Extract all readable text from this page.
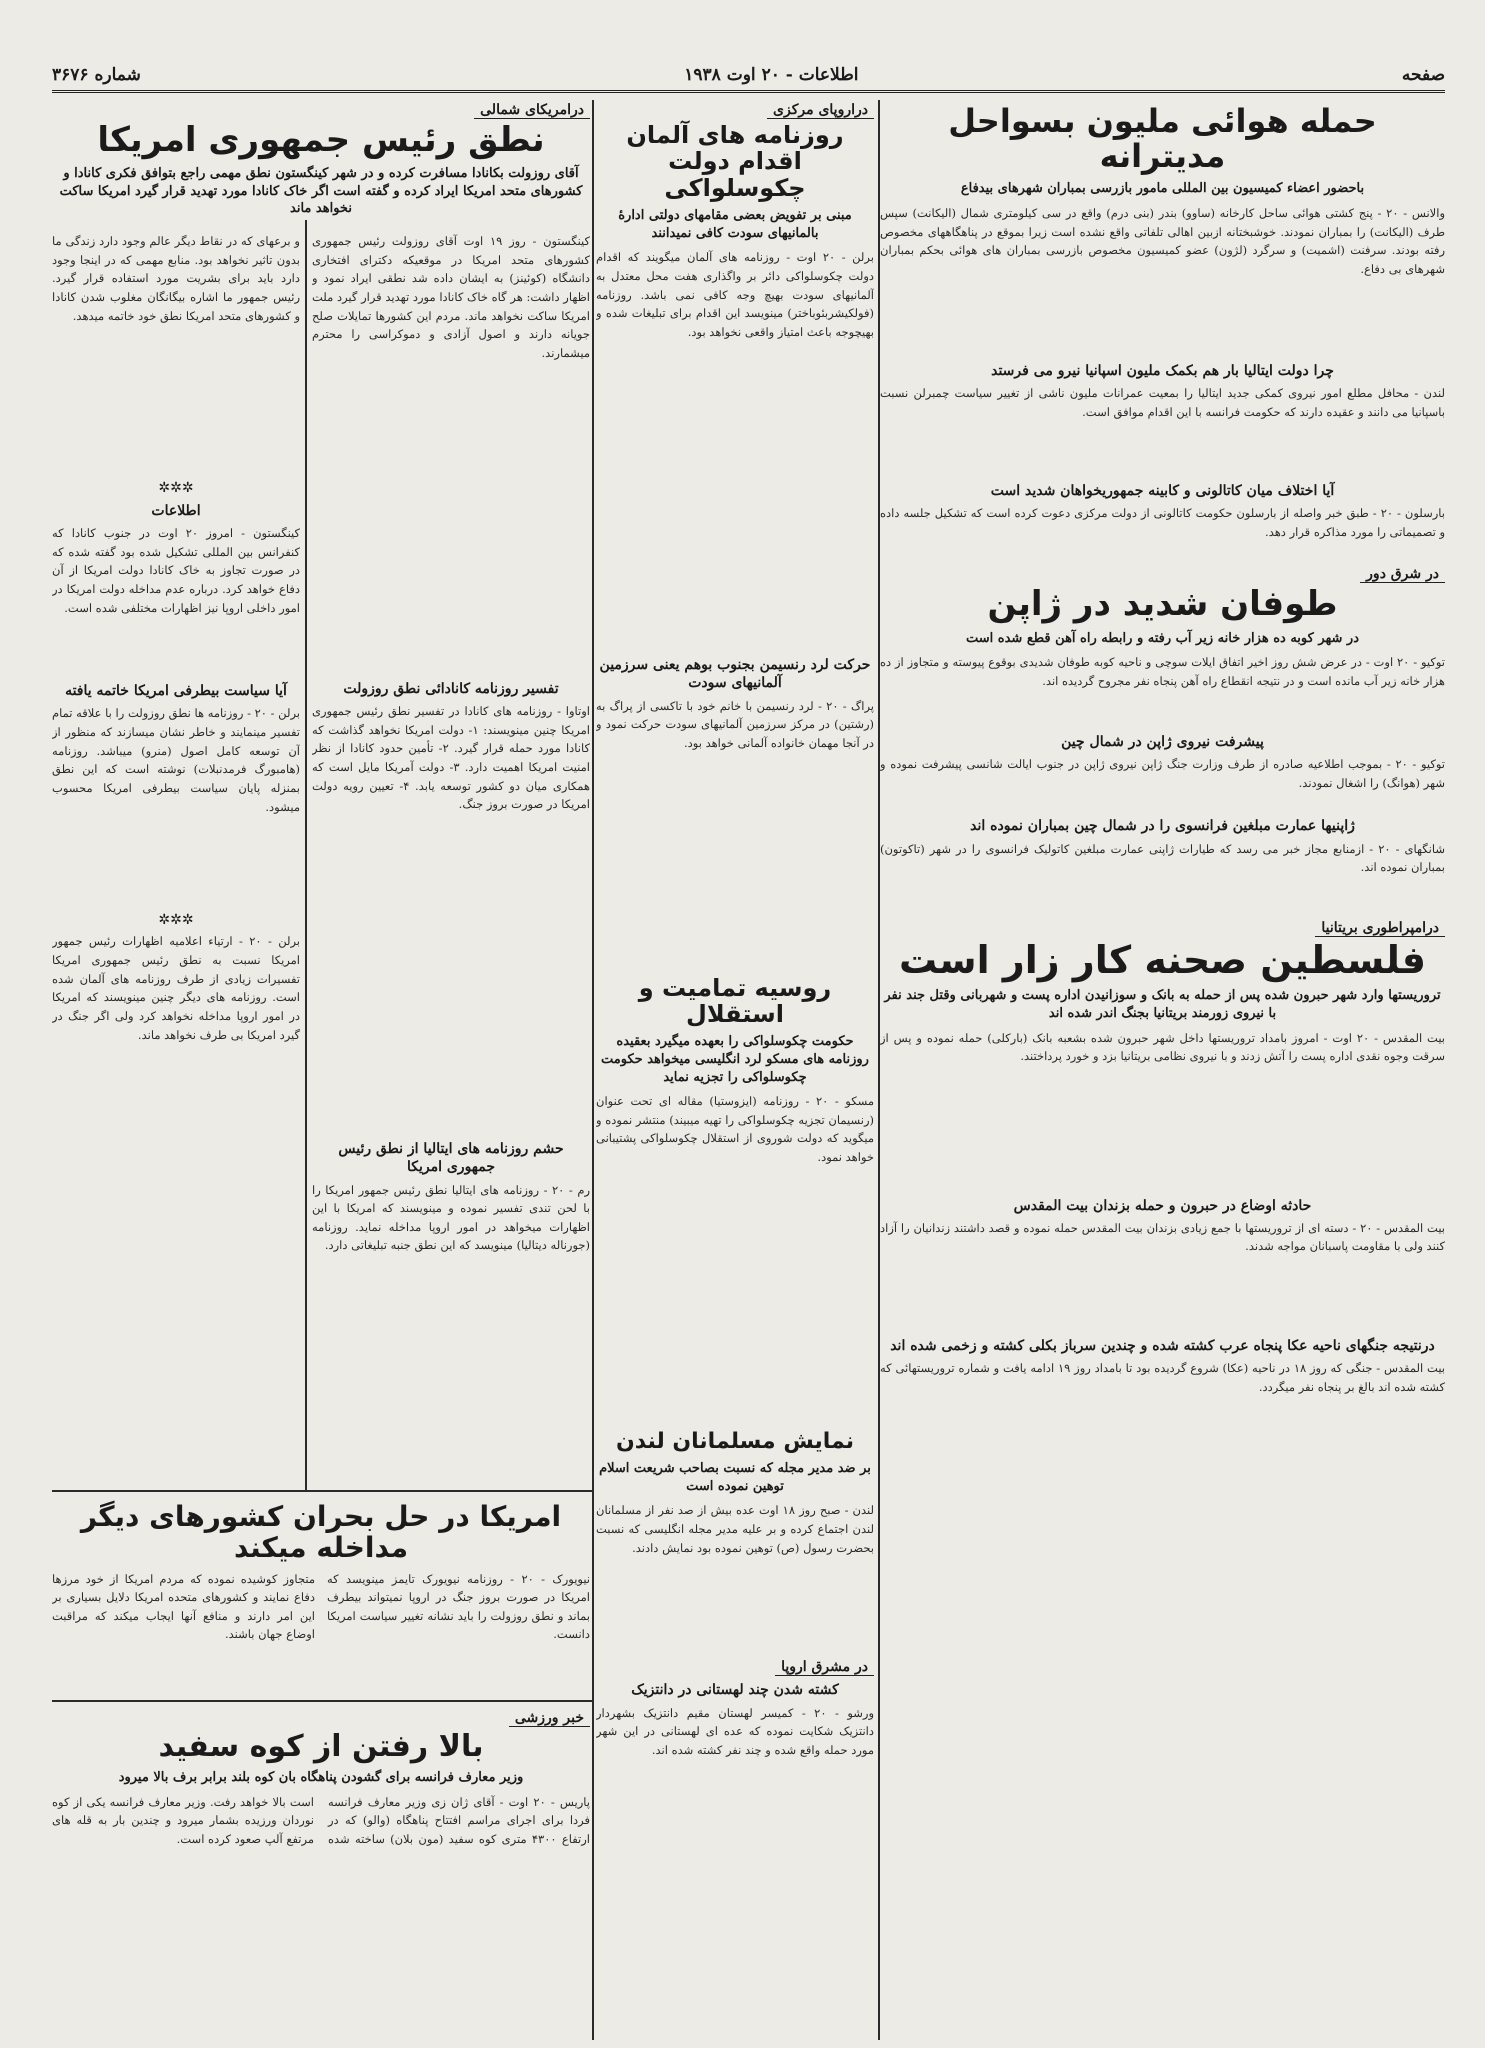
صفحه
اطلاعات - ۲۰ اوت ۱۹۳۸
شماره ۳۶۷۶
حمله هوائی ملیون بسواحل مدیترانه
باحضور اعضاء کمیسیون بین المللی مامور بازرسی بمباران شهرهای بیدفاع

والانس - ۲۰ - پنج کشتی هوائی ساحل کارخانه (ساوو) بندر (بنی درم) واقع در سی کیلومتری شمال (الیکانت) سپس طرف (الیکانت) را بمباران نمودند. خوشبختانه ازبین اهالی تلفاتی واقع نشده است زیرا بموقع در پناهگاههای مخصوص رفته بودند. سرفنت (اشمیت) و سرگرد (لژون) عضو کمیسیون مخصوص بازرسی بمباران های هوائی بحکم بمباران شهرهای بی دفاع.

چرا دولت ایتالیا بار هم بکمک ملیون اسپانیا نیرو می فرستد

لندن - محافل مطلع امور نیروی کمکی جدید ایتالیا را بمعیت عمرانات ملیون ناشی از تغییر سیاست چمبرلن نسبت باسپانیا می دانند و عقیده دارند که حکومت فرانسه با این اقدام موافق است.

آیا اختلاف میان کاتالونی و کابینه جمهوریخواهان شدید است

بارسلون - ۲۰ - طبق خبر واصله از بارسلون حکومت کاتالونی از دولت مرکزی دعوت کرده است که تشکیل جلسه داده و تصمیماتی را مورد مذاکره قرار دهد.

در شرق دور
طوفان شدید در ژاپن
در شهر کوبه ده هزار خانه زیر آب رفته و رابطه راه آهن قطع شده است

توکیو - ۲۰ اوت - در عرض شش روز اخیر اتفاق ایلات سوچی و ناحیه کوبه طوفان شدیدی بوقوع پیوسته و متجاوز از ده هزار خانه زیر آب مانده است و در نتیجه انقطاع راه آهن پنجاه نفر مجروح گردیده اند.

پیشرفت نیروی ژاپن در شمال چین

توکیو - ۲۰ - بموجب اطلاعیه صادره از طرف وزارت جنگ ژاپن نیروی ژاپن در جنوب ایالت شانسی پیشرفت نموده و شهر (هوانگ) را اشغال نمودند.

ژاپنیها عمارت مبلغین فرانسوی را در شمال چین بمباران نموده اند

شانگهای - ۲۰ - ازمنابع مجاز خبر می رسد که طیارات ژاپنی عمارت مبلغین کاتولیک فرانسوی را در شهر (تاکوتون) بمباران نموده اند.

درامپراطوری بریتانیا
فلسطین صحنه کار زار است
تروریستها وارد شهر حبرون شده پس از حمله به بانک و سوزانیدن اداره پست و شهربانی وقتل جند نفر با نیروی زورمند بریتانیا بجنگ اندر شده اند

بیت المقدس - ۲۰ اوت - امروز بامداد تروریستها داخل شهر حبرون شده بشعبه بانک (بارکلی) حمله نموده و پس از سرقت وجوه نقدی اداره پست را آتش زدند و با نیروی نظامی بریتانیا بزد و خورد پرداختند.

حادثه اوضاع در حبرون و حمله بزندان بیت المقدس

بیت المقدس - ۲۰ - دسته ای از تروریستها با جمع زیادی بزندان بیت المقدس حمله نموده و قصد داشتند زندانیان را آزاد کنند ولی با مقاومت پاسبانان مواجه شدند.

درنتیجه جنگهای ناحیه عکا پنجاه عرب کشته شده و چندین سرباز بکلی کشته و زخمی شده اند

بیت المقدس - جنگی که روز ۱۸ در ناحیه (عکا) شروع گردیده بود تا بامداد روز ۱۹ ادامه یافت و شماره تروریستهائی که کشته شده اند بالغ بر پنجاه نفر میگردد.

دراروپای مرکزی
روزنامه های آلمان اقدام دولت چکوسلواکی
مبنی بر تفویض بعضی مقامهای دولتی ادارهٔ بالمانیهای سودت کافی نمیدانند

برلن - ۲۰ اوت - روزنامه های آلمان میگویند که اقدام دولت چکوسلواکی دائر بر واگذاری هفت محل معتدل به آلمانیهای سودت بهیچ وجه کافی نمی باشد. روزنامه (فولکیشربئوباختر) مینویسد این اقدام برای تبلیغات شده و بهیچوجه باعث امتیاز واقعی نخواهد بود.

حرکت لرد رنسیمن بجنوب بوهم یعنی سرزمین آلمانیهای سودت

پراگ - ۲۰ - لرد رنسیمن با خانم خود با تاکسی از پراگ به (رشتین) در مرکز سرزمین آلمانیهای سودت حرکت نمود و در آنجا مهمان خانواده آلمانی خواهد بود.

روسیه تمامیت و استقلال
حکومت چکوسلواکی را بعهده میگیرد بعقیده روزنامه های مسکو لرد انگلیسی میخواهد حکومت چکوسلواکی را تجزیه نماید

مسکو - ۲۰ - روزنامه (ایزوستیا) مقاله ای تحت عنوان (رنسیمان تجزیه چکوسلواکی را تهیه میبیند) منتشر نموده و میگوید که دولت شوروی از استقلال چکوسلواکی پشتیبانی خواهد نمود.

نمایش مسلمانان لندن
بر ضد مدیر مجله که نسبت بصاحب شریعت اسلام توهین نموده است

لندن - صبح روز ۱۸ اوت عده بیش از صد نفر از مسلمانان لندن اجتماع کرده و بر علیه مدیر مجله انگلیسی که نسبت بحضرت رسول (ص) توهین نموده بود نمایش دادند.

در مشرق اروپا
کشته شدن چند لهستانی در دانتزیک

ورشو - ۲۰ - کمیسر لهستان مقیم دانتزیک بشهردار دانتزیک شکایت نموده که عده ای لهستانی در این شهر مورد حمله واقع شده و چند نفر کشته شده اند.

درامریکای شمالی
نطق رئیس جمهوری امریکا
آقای روزولت بکانادا مسافرت کرده و در شهر کینگستون نطق مهمی راجع بتوافق فکری کانادا و کشورهای متحد امریکا ایراد کرده و گفته است اگر خاک کانادا مورد تهدید قرار گیرد امریکا ساکت نخواهد ماند

کینگستون - روز ۱۹ اوت آقای روزولت رئیس جمهوری کشورهای متحد امریکا در موقعیکه دکترای افتخاری دانشگاه (کوئینز) به ایشان داده شد نطقی ایراد نمود و اظهار داشت: هر گاه خاک کانادا مورد تهدید قرار گیرد ملت امریکا ساکت نخواهد ماند. مردم این کشورها تمایلات صلح جویانه دارند و اصول آزادی و دموکراسی را محترم میشمارند.

تفسیر روزنامه کانادائی نطق روزولت

اوتاوا - روزنامه های کانادا در تفسیر نطق رئیس جمهوری امریکا چنین مینویسند: ۱- دولت امریکا نخواهد گذاشت که کانادا مورد حمله قرار گیرد. ۲- تأمین حدود کانادا از نظر امنیت امریکا اهمیت دارد. ۳- دولت آمریکا مایل است که همکاری میان دو کشور توسعه یابد. ۴- تعیین رویه دولت امریکا در صورت بروز جنگ.

حشم روزنامه های ایتالیا از نطق رئیس جمهوری امریکا

رم - ۲۰ - روزنامه های ایتالیا نطق رئیس جمهور امریکا را با لحن تندی تفسیر نموده و مینویسند که امریکا با این اظهارات میخواهد در امور اروپا مداخله نماید. روزنامه (جورناله دیتالیا) مینویسد که این نطق جنبه تبلیغاتی دارد.

و برعهای که در نقاط دیگر عالم وجود دارد زندگی ما بدون تاثیر نخواهد بود. منابع مهمی که در اینجا وجود دارد باید برای بشریت مورد استفاده قرار گیرد. رئیس جمهور ما اشاره بیگانگان مغلوب شدن کانادا و کشورهای متحد امریکا نطق خود خاتمه میدهد.

✲✲✲
اطلاعات

کینگستون - امروز ۲۰ اوت در جنوب کانادا که کنفرانس بین المللی تشکیل شده بود گفته شده که در صورت تجاوز به خاک کانادا دولت امریکا از آن دفاع خواهد کرد. درباره عدم مداخله دولت امریکا در امور داخلی اروپا نیز اظهارات مختلفی شده است.

آیا سیاست بیطرفی امریکا خاتمه یافته

برلن - ۲۰ - روزنامه ها نطق روزولت را با علاقه تمام تفسیر مینمایند و خاطر نشان میسازند که منظور از آن توسعه کامل اصول (منرو) میباشد. روزنامه (هامبورگ فرمدنبلات) نوشته است که این نطق بمنزله پایان سیاست بیطرفی امریکا محسوب میشود.

✲✲✲

برلن - ۲۰ - ارتیاء اعلامیه اظهارات رئیس جمهور امریکا نسبت به نطق رئیس جمهوری امریکا تفسیرات زیادی از طرف روزنامه های آلمان شده است. روزنامه های دیگر چنین مینویسند که امریکا در امور اروپا مداخله نخواهد کرد ولی اگر جنگ در گیرد امریکا بی طرف نخواهد ماند.

امریکا در حل بحران کشورهای دیگر مداخله میکند

نیویورک - ۲۰ - روزنامه نیویورک تایمز مینویسد که امریکا در صورت بروز جنگ در اروپا نمیتواند بیطرف بماند و نطق روزولت را باید نشانه تغییر سیاست امریکا دانست.

متجاوز کوشیده نموده که مردم امریکا از خود مرزها دفاع نمایند و کشورهای متحده امریکا دلایل بسیاری بر این امر دارند و منافع آنها ایجاب میکند که مراقبت اوضاع جهان باشند.

خبر ورزشی
بالا رفتن از کوه سفید
وزیر معارف فرانسه برای گشودن پناهگاه بان کوه بلند برابر برف بالا میرود

پاریس - ۲۰ اوت - آقای ژان زی وزیر معارف فرانسه فردا برای اجرای مراسم افتتاح پناهگاه (والو) که در ارتفاع ۴۳۰۰ متری کوه سفید (مون بلان) ساخته شده است بالا خواهد رفت. وزیر معارف فرانسه یکی از کوه نوردان ورزیده بشمار میرود و چندین بار به قله های مرتفع آلپ صعود کرده است.
